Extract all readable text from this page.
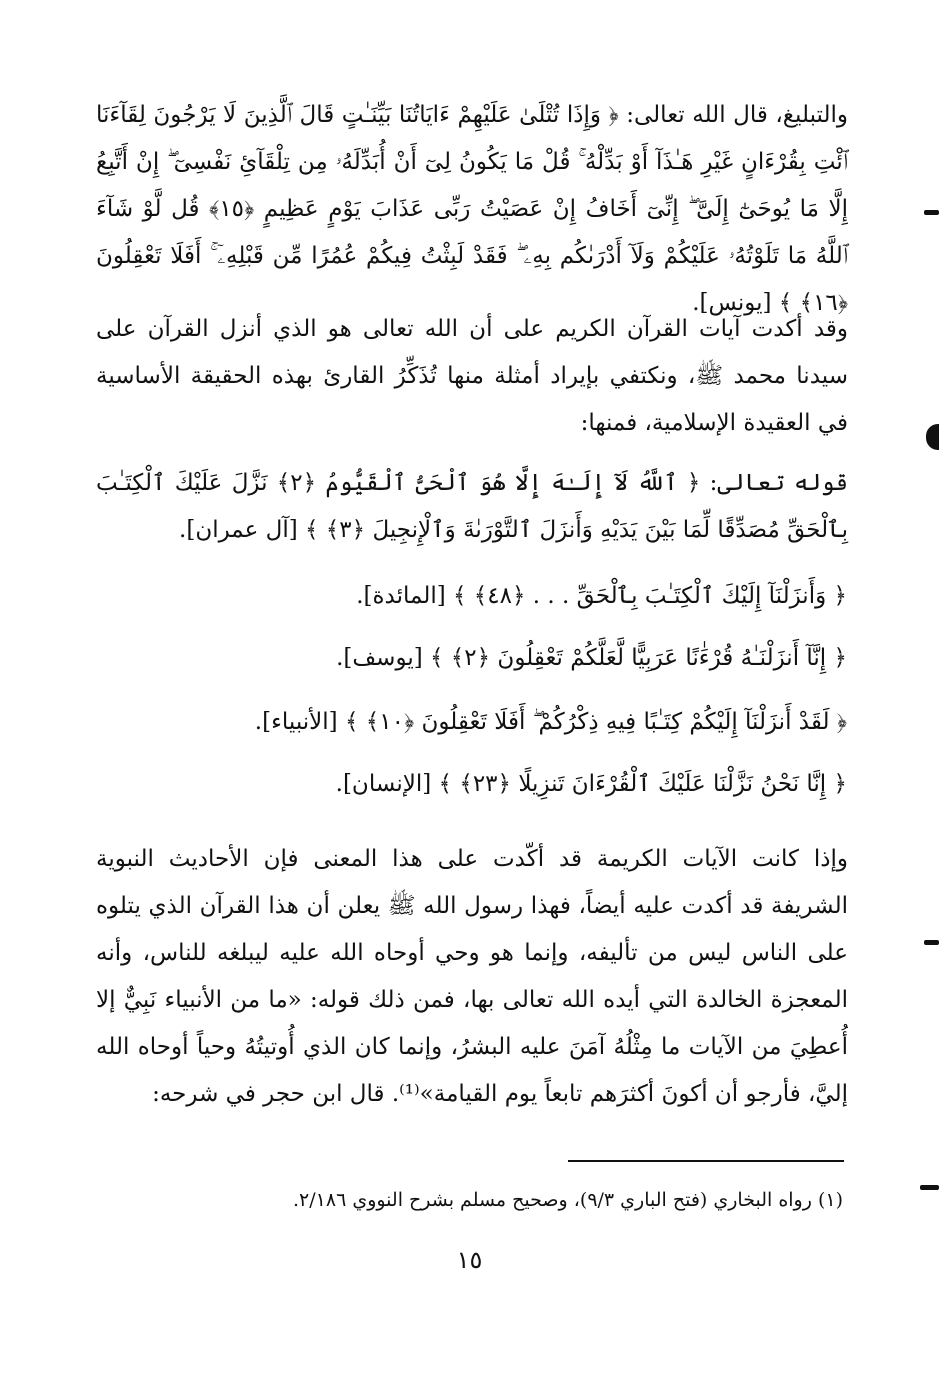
والتبليغ، قال الله تعالى: ﴿ وَإِذَا تُتْلَىٰ عَلَيْهِمْ ءَايَاتُنَا بَيِّنَـٰتٍ قَالَ ٱلَّذِينَ لَا يَرْجُونَ لِقَآءَنَا ٱئْتِ بِقُرْءَانٍ غَيْرِ هَـٰذَآ أَوْ بَدِّلْهُ ۚ قُلْ مَا يَكُونُ لِىٓ أَنْ أُبَدِّلَهُۥ مِن تِلْقَآئِ نَفْسِىٓ ۖ إِنْ أَتَّبِعُ إِلَّا مَا يُوحَىٰٓ إِلَىَّ ۖ إِنِّىٓ أَخَافُ إِنْ عَصَيْتُ رَبِّى عَذَابَ يَوْمٍ عَظِيمٍ ﴿١٥﴾ قُل لَّوْ شَآءَ ٱللَّهُ مَا تَلَوْتُهُۥ عَلَيْكُمْ وَلَآ أَدْرَىٰكُم بِهِۦ ۖ فَقَدْ لَبِثْتُ فِيكُمْ عُمُرًا مِّن قَبْلِهِۦٓ ۚ أَفَلَا تَعْقِلُونَ ﴿١٦﴾ ﴾ [يونس].

وقد أكدت آيات القرآن الكريم على أن الله تعالى هو الذي أنزل القرآن على سيدنا محمد ﷺ، ونكتفي بإيراد أمثلة منها تُذَكِّرُ القارئ بهذه الحقيقة الأساسية في العقيدة الإسلامية، فمنها:

قوله تعالى: ﴿ ٱللَّهُ لَآ إِلَـٰهَ إِلَّا هُوَ ٱلْحَىُّ ٱلْقَيُّومُ ﴿٢﴾ نَزَّلَ عَلَيْكَ ٱلْكِتَـٰبَ بِٱلْحَقِّ مُصَدِّقًا لِّمَا بَيْنَ يَدَيْهِ وَأَنزَلَ ٱلتَّوْرَىٰةَ وَٱلْإِنجِيلَ ﴿٣﴾ ﴾ [آل عمران].

﴿ وَأَنزَلْنَآ إِلَيْكَ ٱلْكِتَـٰبَ بِٱلْحَقِّ . . . ﴿٤٨﴾ ﴾ [المائدة].
﴿ إِنَّآ أَنزَلْنَـٰهُ قُرْءَٰنًا عَرَبِيًّا لَّعَلَّكُمْ تَعْقِلُونَ ﴿٢﴾ ﴾ [يوسف].
﴿ لَقَدْ أَنزَلْنَآ إِلَيْكُمْ كِتَـٰبًا فِيهِ ذِكْرُكُمْ ۖ أَفَلَا تَعْقِلُونَ ﴿١٠﴾ ﴾ [الأنبياء].
﴿ إِنَّا نَحْنُ نَزَّلْنَا عَلَيْكَ ٱلْقُرْءَانَ تَنزِيلًا ﴿٢٣﴾ ﴾ [الإنسان].

وإذا كانت الآيات الكريمة قد أكّدت على هذا المعنى فإن الأحاديث النبوية الشريفة قد أكدت عليه أيضاً، فهذا رسول الله ﷺ يعلن أن هذا القرآن الذي يتلوه على الناس ليس من تأليفه، وإنما هو وحي أوحاه الله عليه ليبلغه للناس، وأنه المعجزة الخالدة التي أيده الله تعالى بها، فمن ذلك قوله: «ما من الأنبياء نَبِيٌّ إلا أُعطِيَ من الآيات ما مِثْلُهُ آمَنَ عليه البشرُ، وإنما كان الذي أُوتيتُهُ وحياً أوحاه الله إليَّ، فأرجو أن أكونَ أكثرَهم تابعاً يوم القيامة»⁽¹⁾. قال ابن حجر في شرحه:

(١) رواه البخاري (فتح الباري ٩/٣)، وصحيح مسلم بشرح النووي ٢/١٨٦.
١٥
